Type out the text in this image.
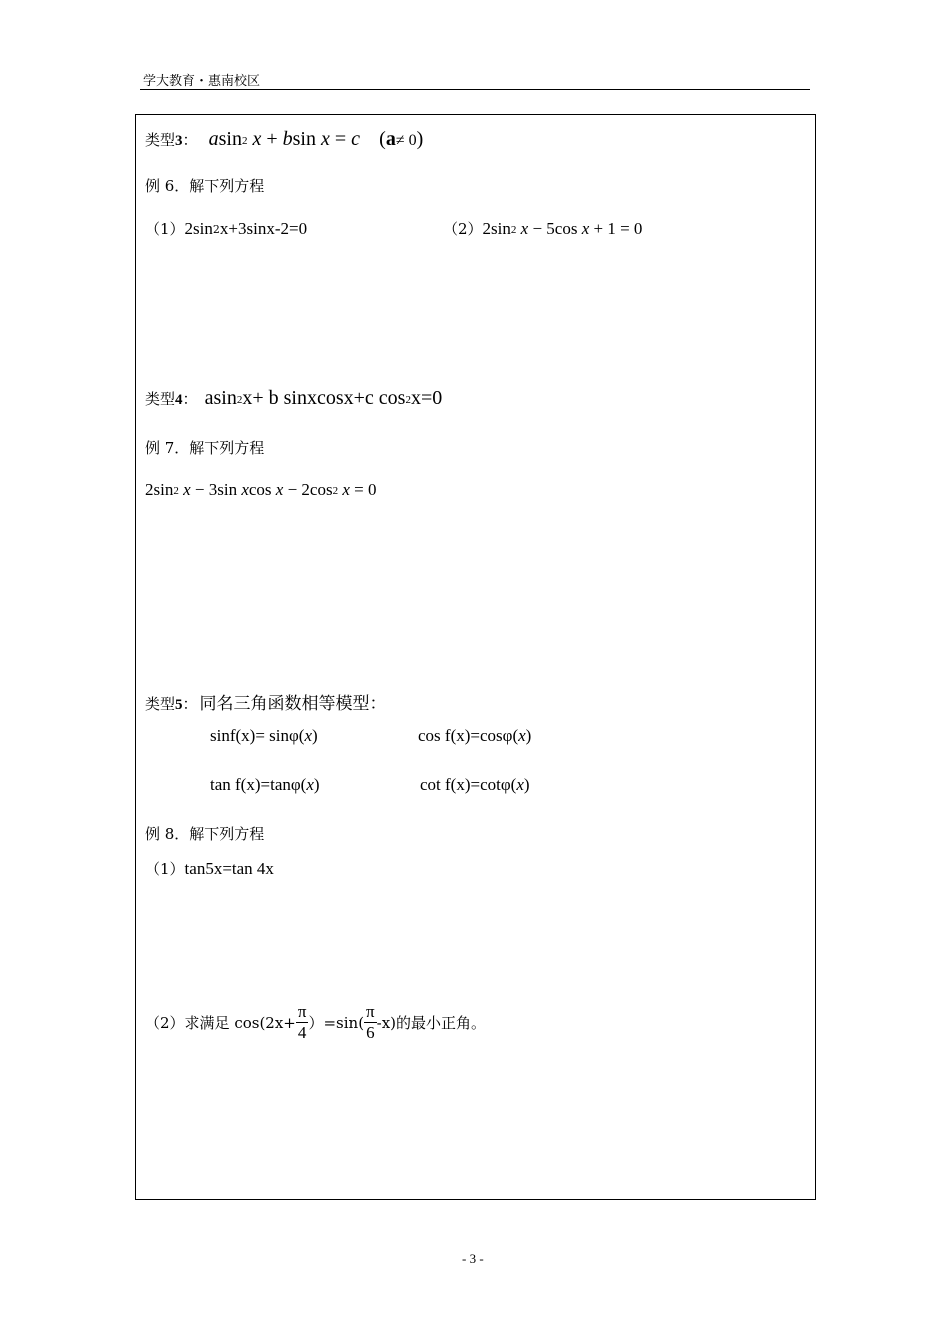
学大教育・惠南校区
类型3： asin$^2$ x + bsin x = c (a≠ 0)
例 6．解下列方程
$(1)2\sin^2x+3\sin x-2=0$	$(2)2\sin^2$ x − 5cos x + 1 = 0
类型4： asin$^2$x+ b sinxcosx+c $\cos^2x=0$
例 7．解下列方程
$2\sin^2$ x − 3sin xcos $x - 2\cos^2$ x = 0
类型5： 同名三角函数相等模型：
sinf(x)= sinφ(x)	cos f(x)=cosφ(x)
tan f(x)=tanφ(x)	cot f(x)=cotφ(x)
例 8．解下列方程
（1）tan5x=tan 4x
（2）求满足 $\cos(2x+ \frac{\pi}{4} )=\sin( \frac{\pi}{6} -x)$的最小正角。
- 3 -
